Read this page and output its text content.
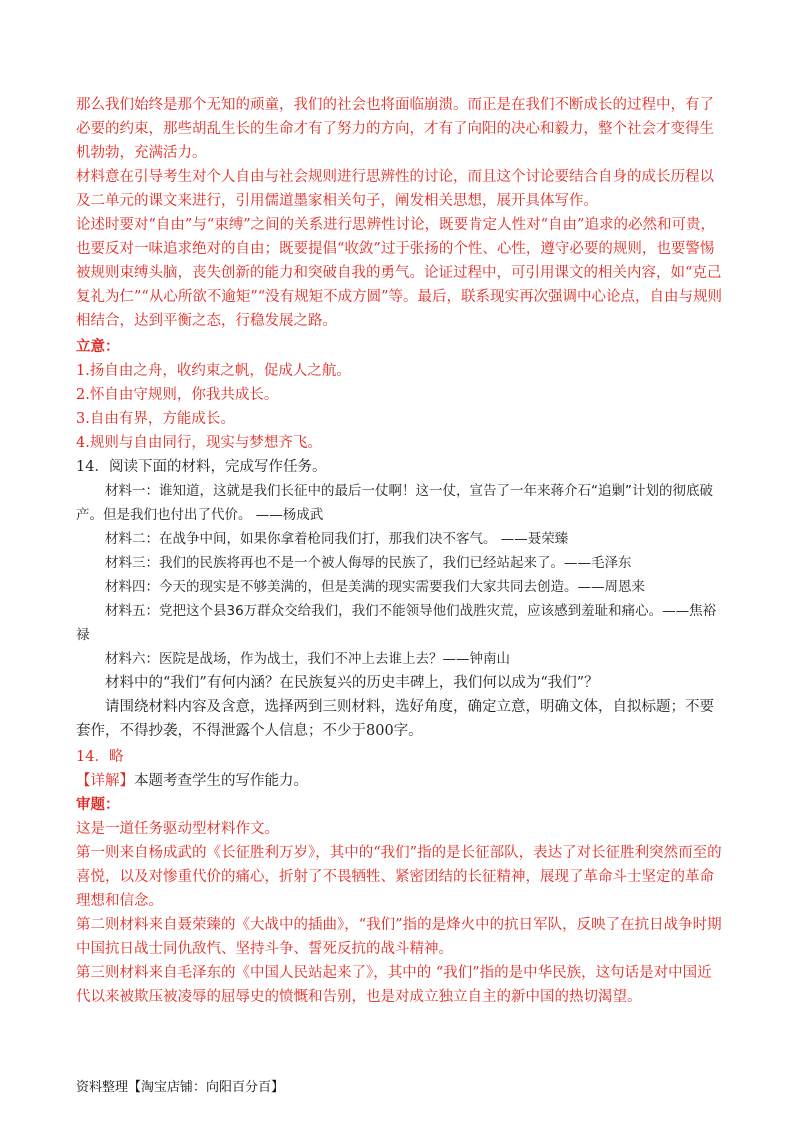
那么我们始终是那个无知的顽童，我们的社会也将面临崩溃。而正是在我们不断成长的过程中，有了必要的约束，那些胡乱生长的生命才有了努力的方向，才有了向阳的决心和毅力，整个社会才变得生机勃勃，充满活力。

材料意在引导考生对个人自由与社会规则进行思辨性的讨论，而且这个讨论要结合自身的成长历程以及二单元的课文来进行，引用儒道墨家相关句子，阐发相关思想，展开具体写作。

论述时要对“自由”与“束缚”之间的关系进行思辨性讨论，既要肯定人性对“自由”追求的必然和可贵，也要反对一味追求绝对的自由；既要提倡“收敛”过于张扬的个性、心性，遵守必要的规则，也要警惕被规则束缚头脑，丧失创新的能力和突破自我的勇气。论证过程中，可引用课文的相关内容，如“克己复礼为仁”“从心所欲不逾矩”“没有规矩不成方圆”等。最后，联系现实再次强调中心论点，自由与规则相结合，达到平衡之态，行稳发展之路。

立意：

1.扬自由之舟，收约束之帆，促成人之航。

2.怀自由守规则，你我共成长。

3.自由有界，方能成长。

4.规则与自由同行，现实与梦想齐飞。

14．阅读下面的材料，完成写作任务。

材料一：谁知道，这就是我们长征中的最后一仗啊！这一仗，宣告了一年来蒋介石“追剿”计划的彻底破产。但是我们也付出了代价。 ——杨成武

材料二：在战争中间，如果你拿着枪同我们打，那我们决不客气。 ——聂荣臻

材料三：我们的民族将再也不是一个被人侮辱的民族了，我们已经站起来了。——毛泽东

材料四：今天的现实是不够美满的，但是美满的现实需要我们大家共同去创造。——周恩来

材料五：党把这个县36万群众交给我们，我们不能领导他们战胜灾荒，应该感到羞耻和痛心。——焦裕禄

材料六：医院是战场，作为战士，我们不冲上去谁上去？——钟南山

材料中的“我们”有何内涵？在民族复兴的历史丰碑上，我们何以成为“我们”？

请围绕材料内容及含意，选择两到三则材料，选好角度，确定立意，明确文体，自拟标题；不要套作，不得抄袭，不得泄露个人信息；不少于800字。

14．略

【详解】本题考查学生的写作能力。

审题：

这是一道任务驱动型材料作文。

第一则来自杨成武的《长征胜利万岁》，其中的“我们”指的是长征部队，表达了对长征胜利突然而至的喜悦，以及对惨重代价的痛心，折射了不畏牺牲、紧密团结的长征精神，展现了革命斗士坚定的革命理想和信念。

第二则材料来自聂荣臻的《大战中的插曲》，“我们”指的是烽火中的抗日军队，反映了在抗日战争时期中国抗日战士同仇敌忾、坚持斗争、誓死反抗的战斗精神。

第三则材料来自毛泽东的《中国人民站起来了》，其中的 “我们”指的是中华民族，这句话是对中国近代以来被欺压被凌辱的屈辱史的愤慨和告别，也是对成立独立自主的新中国的热切渴望。

资料整理【淘宝店铺：向阳百分百】
